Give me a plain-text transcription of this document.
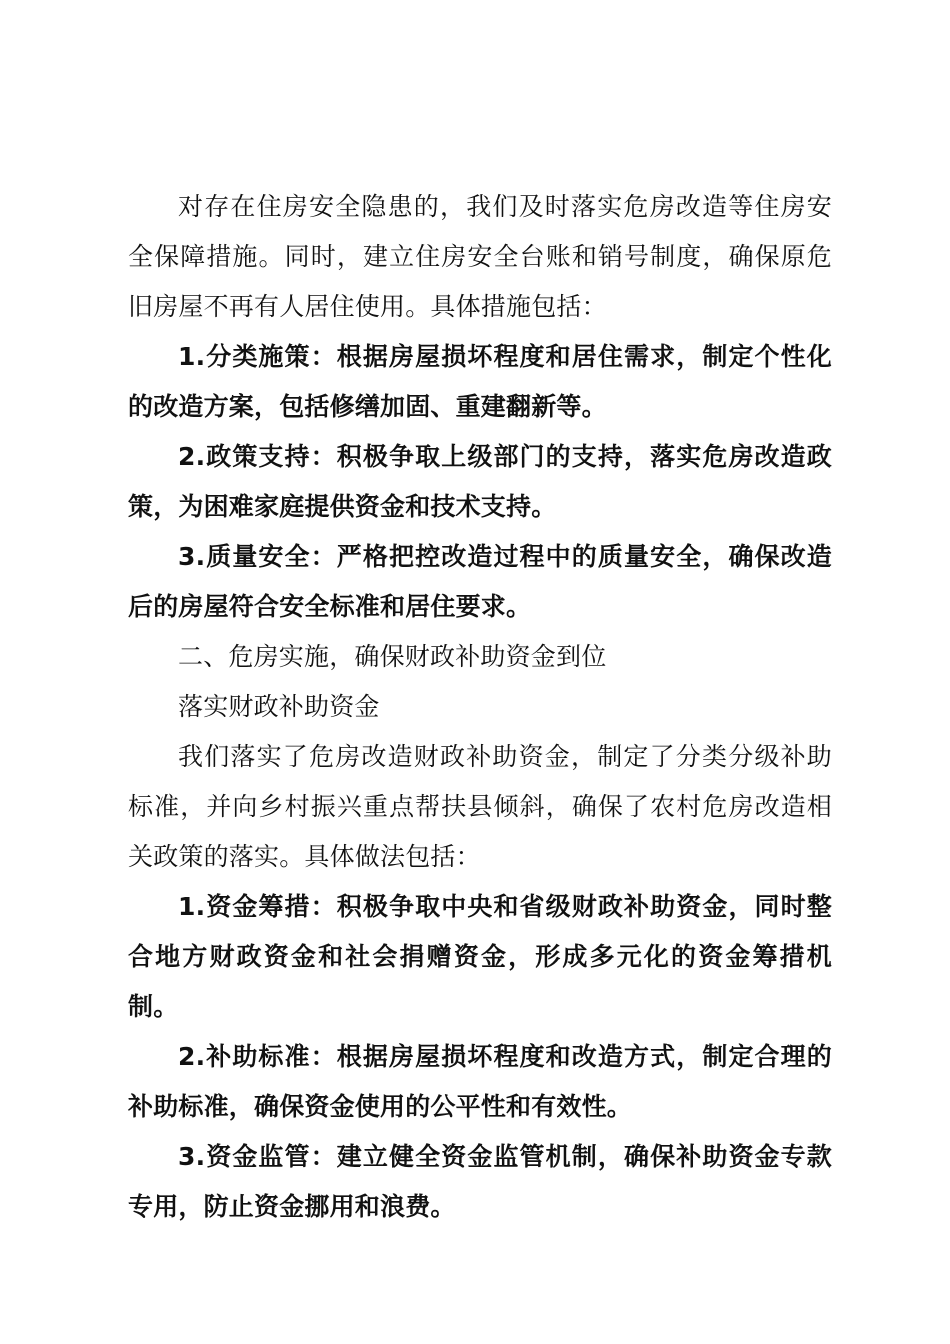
对存在住房安全隐患的，我们及时落实危房改造等住房安全保障措施。同时，建立住房安全台账和销号制度，确保原危旧房屋不再有人居住使用。具体措施包括：

1.分类施策：根据房屋损坏程度和居住需求，制定个性化的改造方案，包括修缮加固、重建翻新等。

2.政策支持：积极争取上级部门的支持，落实危房改造政策，为困难家庭提供资金和技术支持。

3.质量安全：严格把控改造过程中的质量安全，确保改造后的房屋符合安全标准和居住要求。

二、危房实施，确保财政补助资金到位

落实财政补助资金

我们落实了危房改造财政补助资金，制定了分类分级补助标准，并向乡村振兴重点帮扶县倾斜，确保了农村危房改造相关政策的落实。具体做法包括：

1.资金筹措：积极争取中央和省级财政补助资金，同时整合地方财政资金和社会捐赠资金，形成多元化的资金筹措机制。

2.补助标准：根据房屋损坏程度和改造方式，制定合理的补助标准，确保资金使用的公平性和有效性。

3.资金监管：建立健全资金监管机制，确保补助资金专款专用，防止资金挪用和浪费。
